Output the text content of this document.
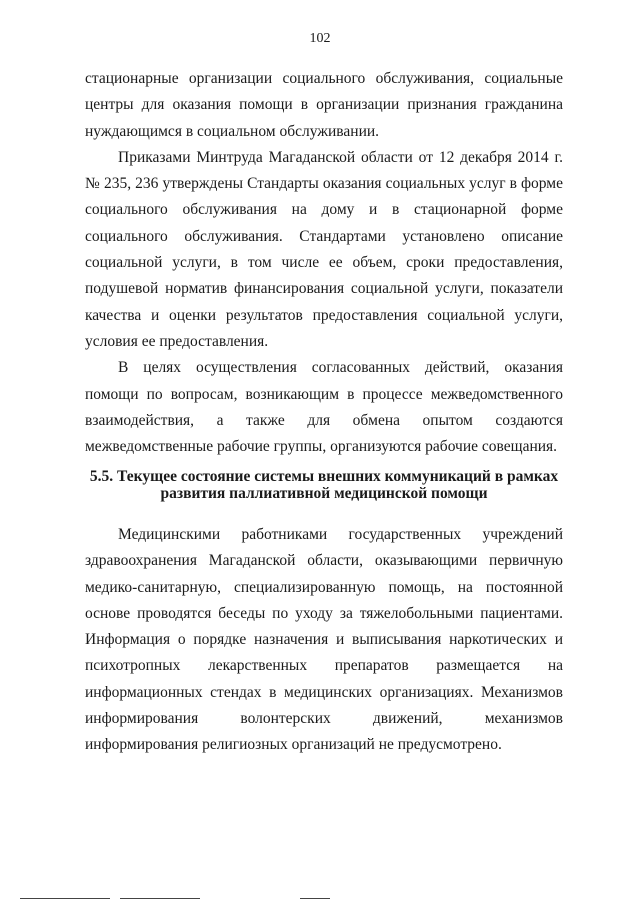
102

стационарные организации социального обслуживания, социальные центры для оказания помощи в организации признания гражданина нуждающимся в социальном обслуживании.

Приказами Минтруда Магаданской области от 12 декабря 2014 г. № 235, 236 утверждены Стандарты оказания социальных услуг в форме социального обслуживания на дому и в стационарной форме социального обслуживания. Стандартами установлено описание социальной услуги, в том числе ее объем, сроки предоставления, подушевой норматив финансирования социальной услуги, показатели качества и оценки результатов предоставления социальной услуги, условия ее предоставления.

В целях осуществления согласованных действий, оказания помощи по вопросам, возникающим в процессе межведомственного взаимодействия, а также для обмена опытом создаются межведомственные рабочие группы, организуются рабочие совещания.

5.5. Текущее состояние системы внешних коммуникаций в рамках развития паллиативной медицинской помощи

Медицинскими работниками государственных учреждений здравоохранения Магаданской области, оказывающими первичную медико-санитарную, специализированную помощь, на постоянной основе проводятся беседы по уходу за тяжелобольными пациентами. Информация о порядке назначения и выписывания наркотических и психотропных лекарственных препаратов размещается на информационных стендах в медицинских организациях. Механизмов информирования волонтерских движений, механизмов информирования религиозных организаций не предусмотрено.
